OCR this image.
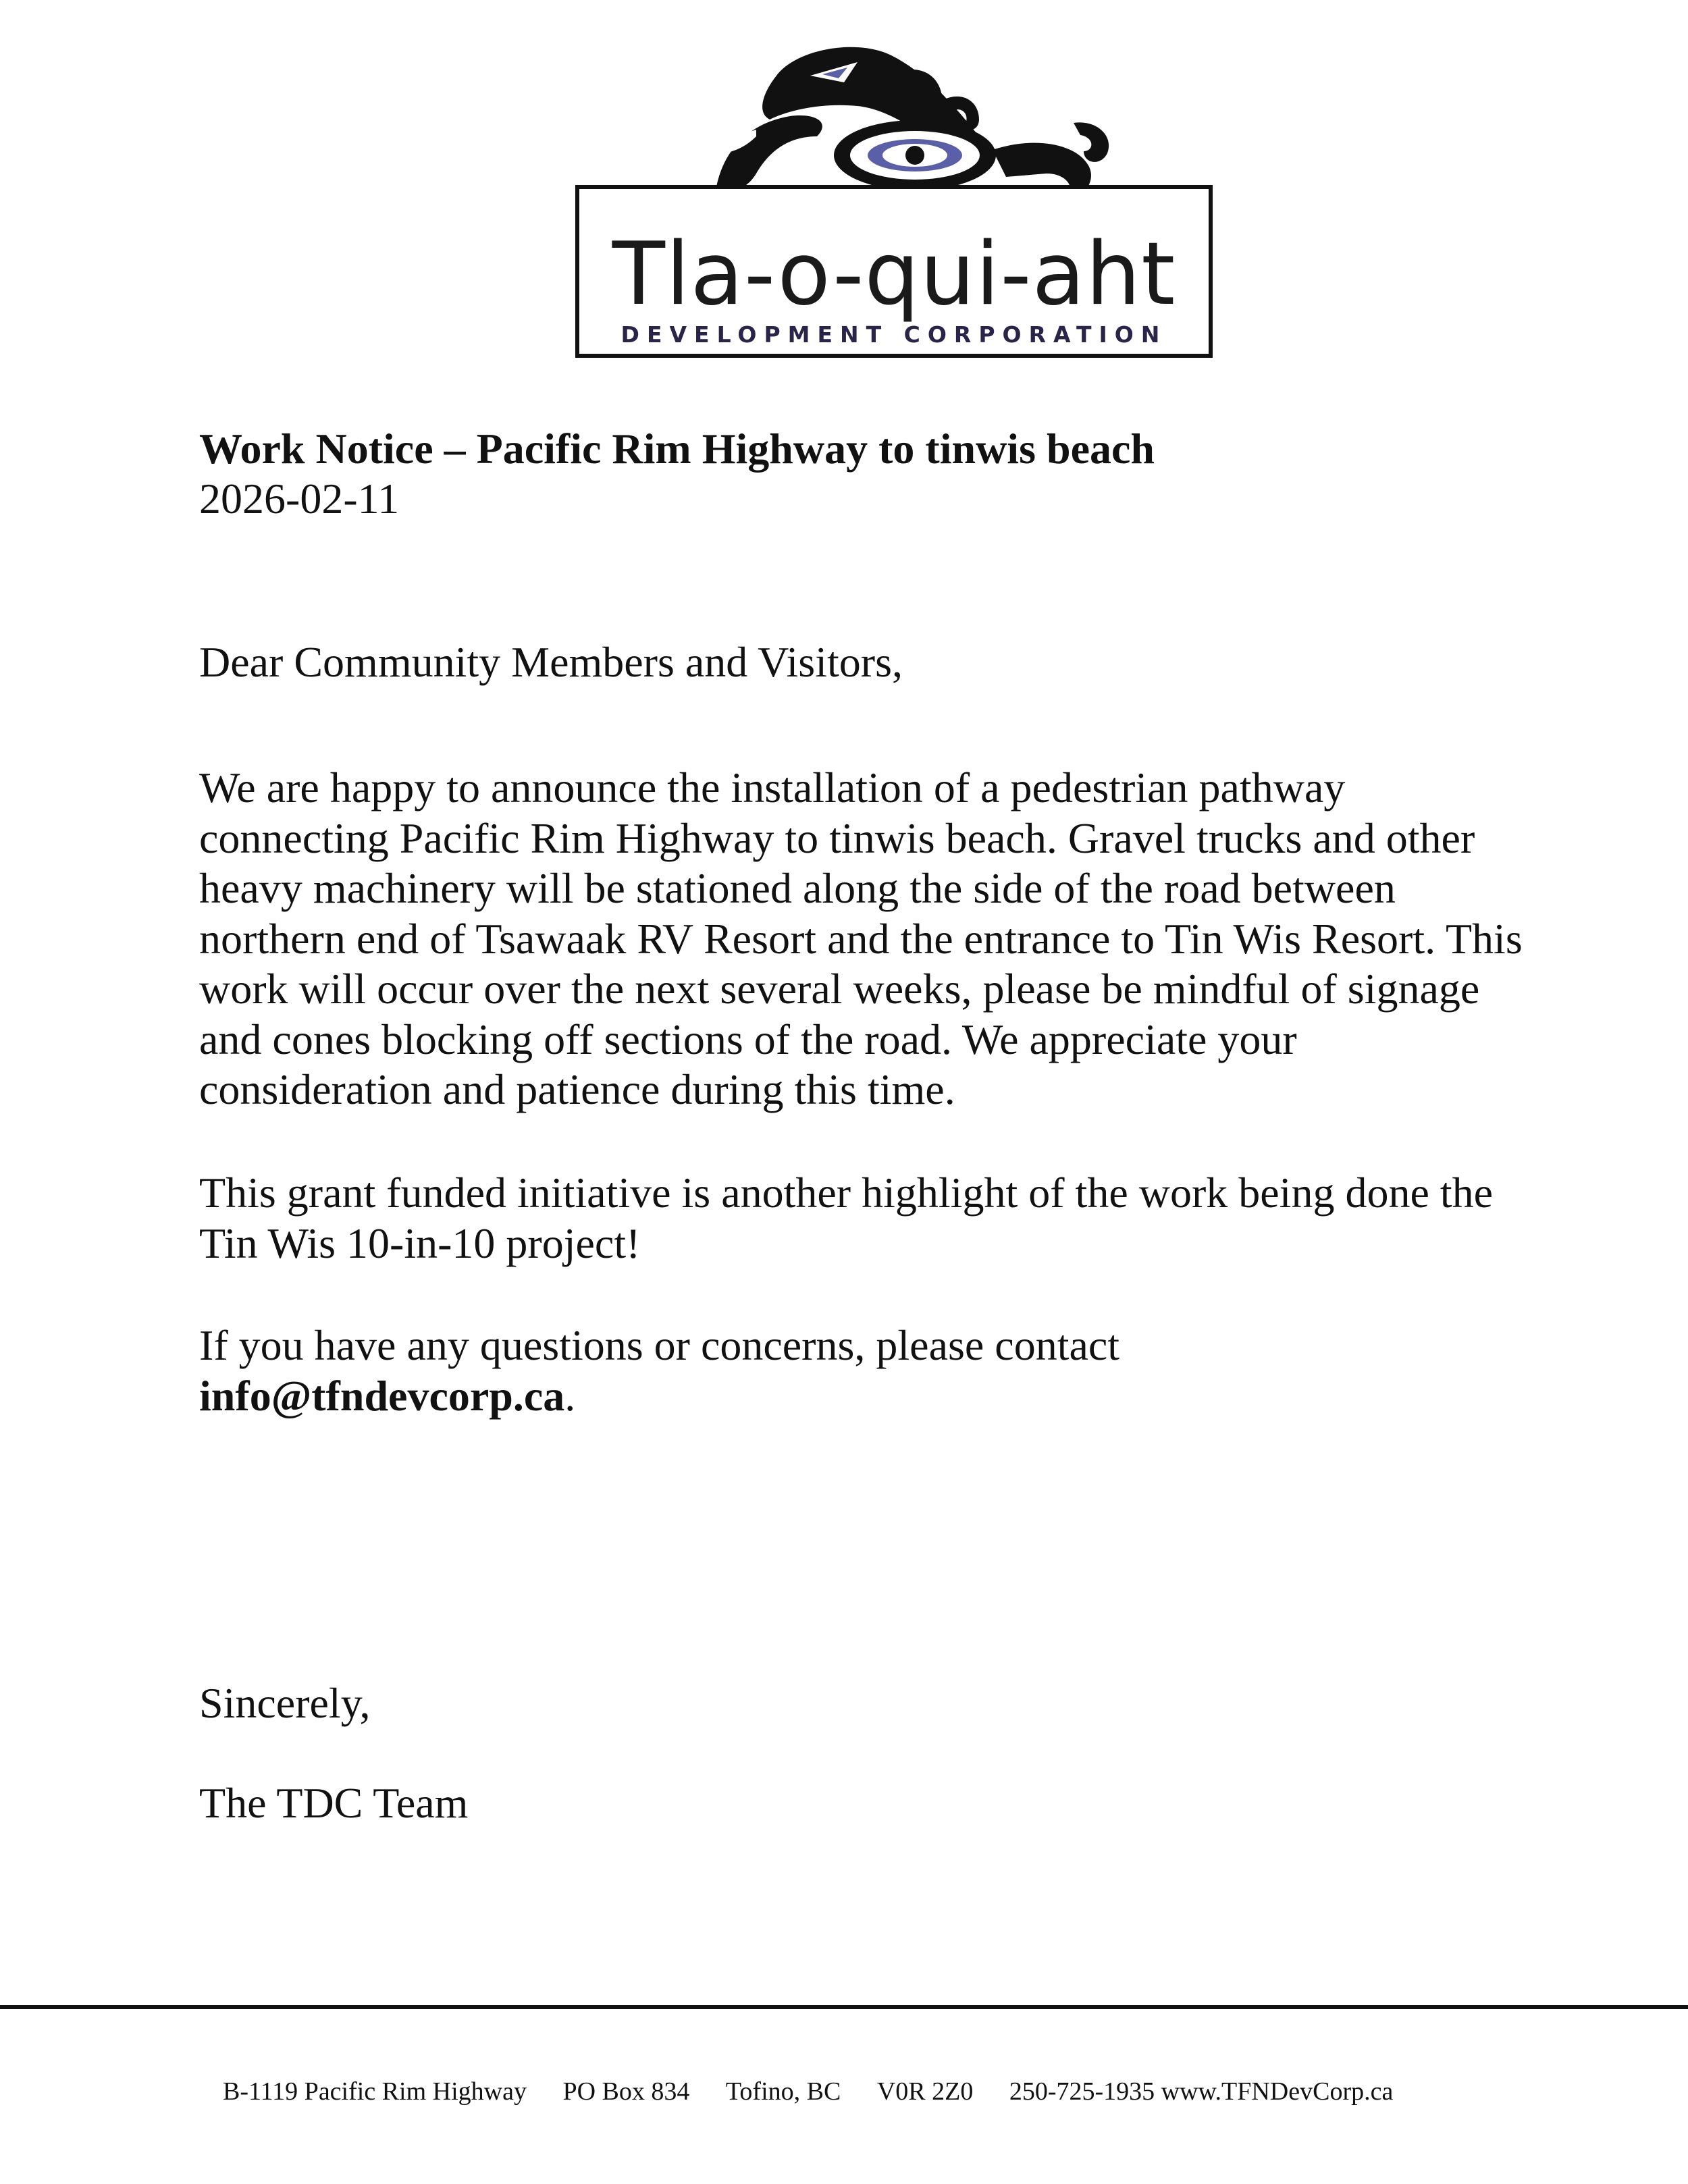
Tla-o-qui-aht
DEVELOPMENT CORPORATION
Work Notice – Pacific Rim Highway to tinwis beach
2026-02-11
Dear Community Members and Visitors,
We are happy to announce the installation of a pedestrian pathway connecting Pacific Rim Highway to tinwis beach. Gravel trucks and other heavy machinery will be stationed along the side of the road between northern end of Tsawaak RV Resort and the entrance to Tin Wis Resort. This work will occur over the next several weeks, please be mindful of signage and cones blocking off sections of the road. We appreciate your consideration and patience during this time.
This grant funded initiative is another highlight of the work being done the Tin Wis 10-in-10 project!
If you have any questions or concerns, please contact
info@tfndevcorp.ca.
Sincerely,
The TDC Team
B-1119 Pacific Rim Highway PO Box 834 Tofino, BC V0R 2Z0 250-725-1935 www.TFNDevCorp.ca
